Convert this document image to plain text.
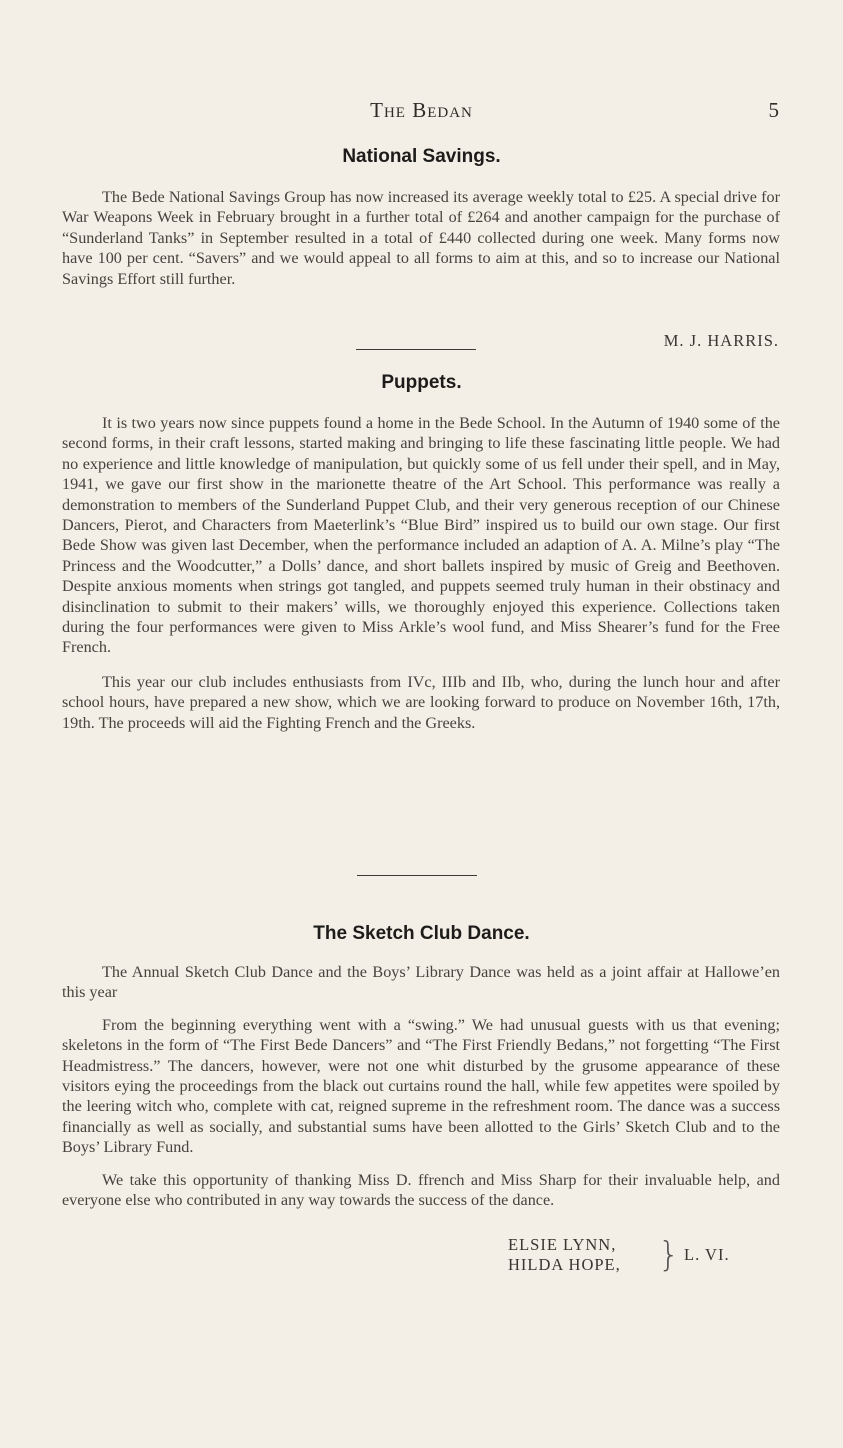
The Bedan	5
National Savings.

The Bede National Savings Group has now increased its average weekly total to £25. A special drive for War Weapons Week in February brought in a further total of £264 and another campaign for the purchase of “Sunderland Tanks” in September resulted in a total of £440 collected during one week. Many forms now have 100 per cent. “Savers” and we would appeal to all forms to aim at this, and so to increase our National Savings Effort still further.

M. J. HARRIS.
Puppets.

It is two years now since puppets found a home in the Bede School. In the Autumn of 1940 some of the second forms, in their craft lessons, started making and bringing to life these fascinating little people. We had no experience and little knowledge of manipulation, but quickly some of us fell under their spell, and in May, 1941, we gave our first show in the marionette theatre of the Art School. This performance was really a demonstration to members of the Sunderland Puppet Club, and their very generous reception of our Chinese Dancers, Pierot, and Characters from Maeterlink’s “Blue Bird” inspired us to build our own stage. Our first Bede Show was given last December, when the performance included an adaption of A. A. Milne’s play “The Princess and the Woodcutter,” a Dolls’ dance, and short ballets inspired by music of Greig and Beethoven. Despite anxious moments when strings got tangled, and puppets seemed truly human in their obstinacy and disinclination to submit to their makers’ wills, we thoroughly enjoyed this experience. Collections taken during the four performances were given to Miss Arkle’s wool fund, and Miss Shearer’s fund for the Free French.

This year our club includes enthusiasts from IVc, IIIb and IIb, who, during the lunch hour and after school hours, have prepared a new show, which we are looking forward to produce on November 16th, 17th, 19th. The proceeds will aid the Fighting French and the Greeks.

The Sketch Club Dance.

The Annual Sketch Club Dance and the Boys’ Library Dance was held as a joint affair at Hallowe’en this year

From the beginning everything went with a “swing.” We had unusual guests with us that evening; skeletons in the form of “The First Bede Dancers” and “The First Friendly Bedans,” not forgetting “The First Headmistress.” The dancers, however, were not one whit disturbed by the grusome appearance of these visitors eying the proceedings from the black out curtains round the hall, while few appetites were spoiled by the leering witch who, complete with cat, reigned supreme in the refreshment room. The dance was a success financially as well as socially, and substantial sums have been allotted to the Girls’ Sketch Club and to the Boys’ Library Fund.

We take this opportunity of thanking Miss D. ffrench and Miss Sharp for their invaluable help, and everyone else who contributed in any way towards the success of the dance.

ELSIE LYNN,
HILDA HOPE, } L. VI.
